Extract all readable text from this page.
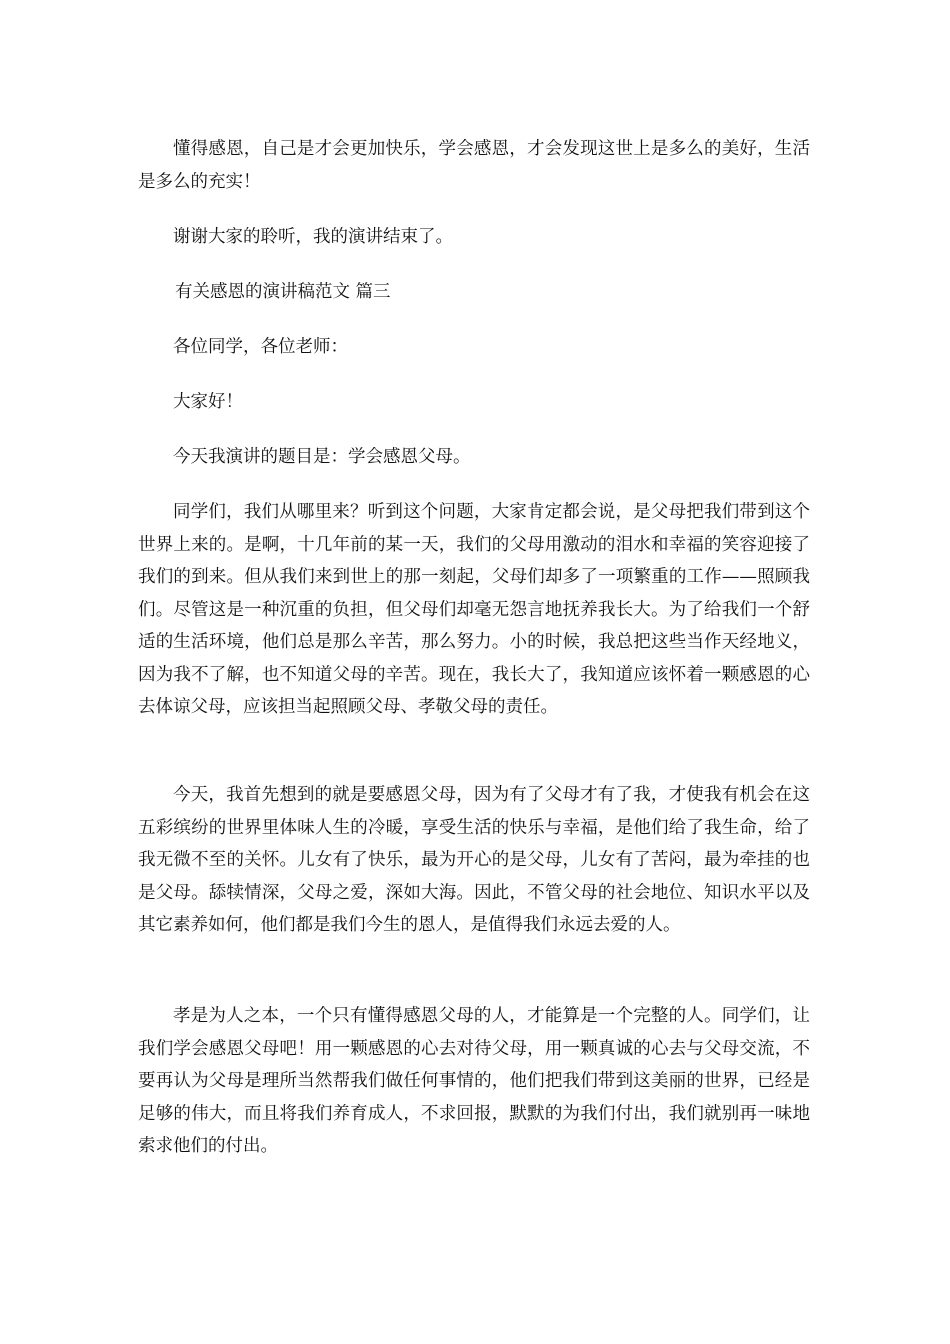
懂得感恩，自己是才会更加快乐，学会感恩，才会发现这世上是多么的美好，生活是多么的充实！

谢谢大家的聆听，我的演讲结束了。

有关感恩的演讲稿范文 篇三

各位同学，各位老师：

大家好！

今天我演讲的题目是：学会感恩父母。

同学们，我们从哪里来？听到这个问题，大家肯定都会说，是父母把我们带到这个世界上来的。是啊，十几年前的某一天，我们的父母用激动的泪水和幸福的笑容迎接了我们的到来。但从我们来到世上的那一刻起，父母们却多了一项繁重的工作——照顾我们。尽管这是一种沉重的负担，但父母们却毫无怨言地抚养我长大。为了给我们一个舒适的生活环境，他们总是那么辛苦，那么努力。小的时候，我总把这些当作天经地义，因为我不了解，也不知道父母的辛苦。现在，我长大了，我知道应该怀着一颗感恩的心去体谅父母，应该担当起照顾父母、孝敬父母的责任。

今天，我首先想到的就是要感恩父母，因为有了父母才有了我，才使我有机会在这五彩缤纷的世界里体味人生的冷暖，享受生活的快乐与幸福，是他们给了我生命，给了我无微不至的关怀。儿女有了快乐，最为开心的是父母，儿女有了苦闷，最为牵挂的也是父母。舔犊情深，父母之爱，深如大海。因此，不管父母的社会地位、知识水平以及其它素养如何，他们都是我们今生的恩人，是值得我们永远去爱的人。

孝是为人之本，一个只有懂得感恩父母的人，才能算是一个完整的人。同学们，让我们学会感恩父母吧！用一颗感恩的心去对待父母，用一颗真诚的心去与父母交流，不要再认为父母是理所当然帮我们做任何事情的，他们把我们带到这美丽的世界，已经是足够的伟大，而且将我们养育成人，不求回报，默默的为我们付出，我们就别再一味地索求他们的付出。
